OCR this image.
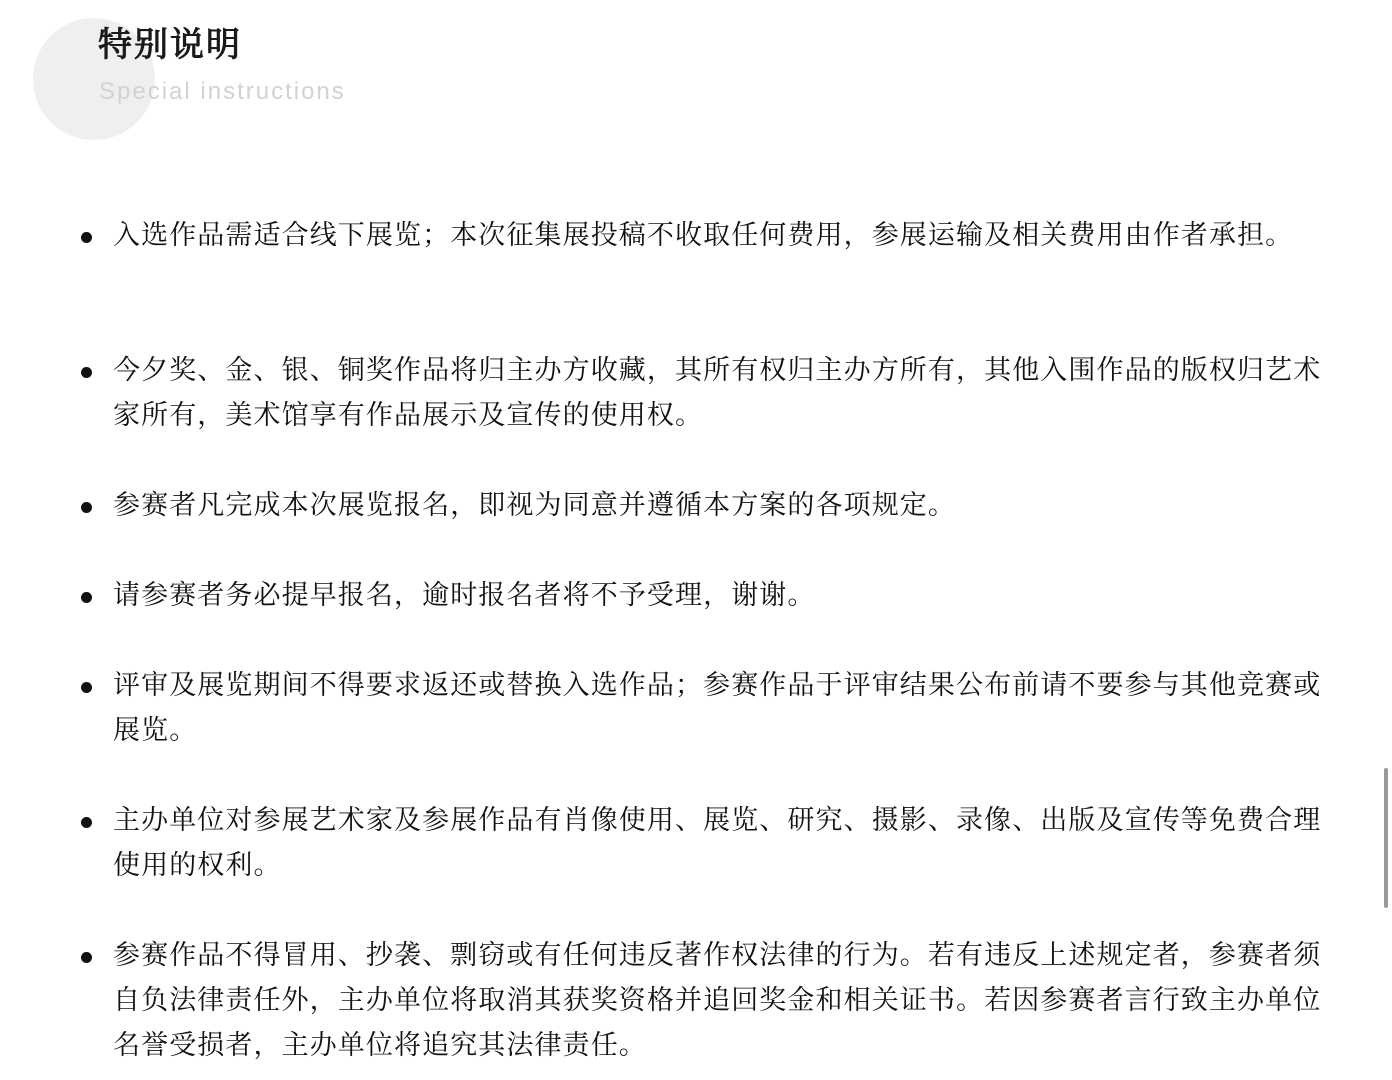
特别说明
Special instructions

入选作品需适合线下展览；本次征集展投稿不收取任何费用，参展运输及相关费用由作者承担。

今夕奖、金、银、铜奖作品将归主办方收藏，其所有权归主办方所有，其他入围作品的版权归艺术家所有，美术馆享有作品展示及宣传的使用权。

参赛者凡完成本次展览报名，即视为同意并遵循本方案的各项规定。

请参赛者务必提早报名，逾时报名者将不予受理，谢谢。

评审及展览期间不得要求返还或替换入选作品；参赛作品于评审结果公布前请不要参与其他竞赛或展览。

主办单位对参展艺术家及参展作品有肖像使用、展览、研究、摄影、录像、出版及宣传等免费合理使用的权利。

参赛作品不得冒用、抄袭、剽窃或有任何违反著作权法律的行为。若有违反上述规定者，参赛者须自负法律责任外，主办单位将取消其获奖资格并追回奖金和相关证书。若因参赛者言行致主办单位名誉受损者，主办单位将追究其法律责任。
